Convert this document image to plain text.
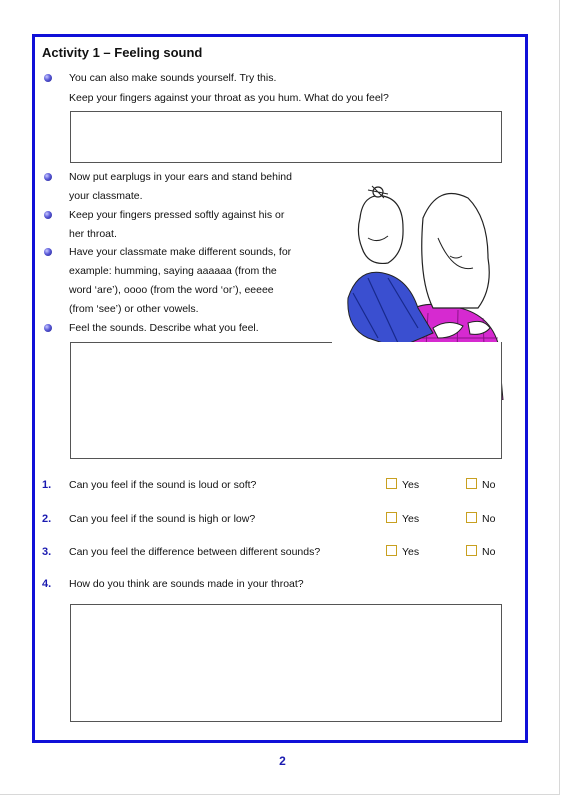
Activity 1 – Feeling sound
You can also make sounds yourself. Try this.
Keep your fingers against your throat as you hum. What do you feel?
Now put earplugs in your ears and stand behind
your classmate.
Keep your fingers pressed softly against his or
her throat.
Have your classmate make different sounds, for
example: humming, saying aaaaaa (from the
word ‘are’), oooo (from the word ‘or’), eeeee
(from ‘see’) or other vowels.
Feel the sounds. Describe what you feel.
1. Can you feel if the sound is loud or soft?	Yes	No
2. Can you feel if the sound is high or low?	Yes	No
3. Can you feel the difference between different sounds?	Yes	No
4. How do you think are sounds made in your throat?
2
